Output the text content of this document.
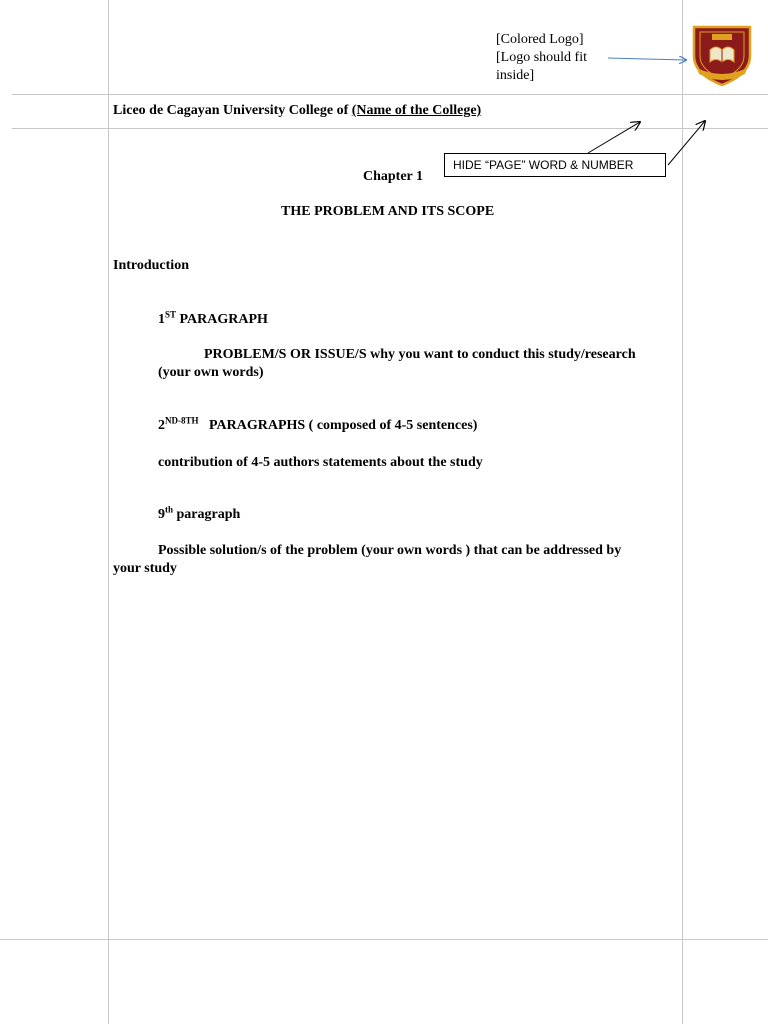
[Colored Logo]
[Logo should fit
inside]
Liceo de Cagayan University College of (Name of the College)
HIDE “PAGE” WORD & NUMBER
Chapter 1
THE PROBLEM AND ITS SCOPE
Introduction
1ST PARAGRAPH
PROBLEM/S OR ISSUE/S why you want to conduct this study/research
(your own words)
$2^{ND-8TH}$   PARAGRAPHS ( composed of 4-5 sentences)
contribution of 4-5 authors statements about the study
9th paragraph
Possible solution/s of the problem (your own words ) that can be addressed by
your study
